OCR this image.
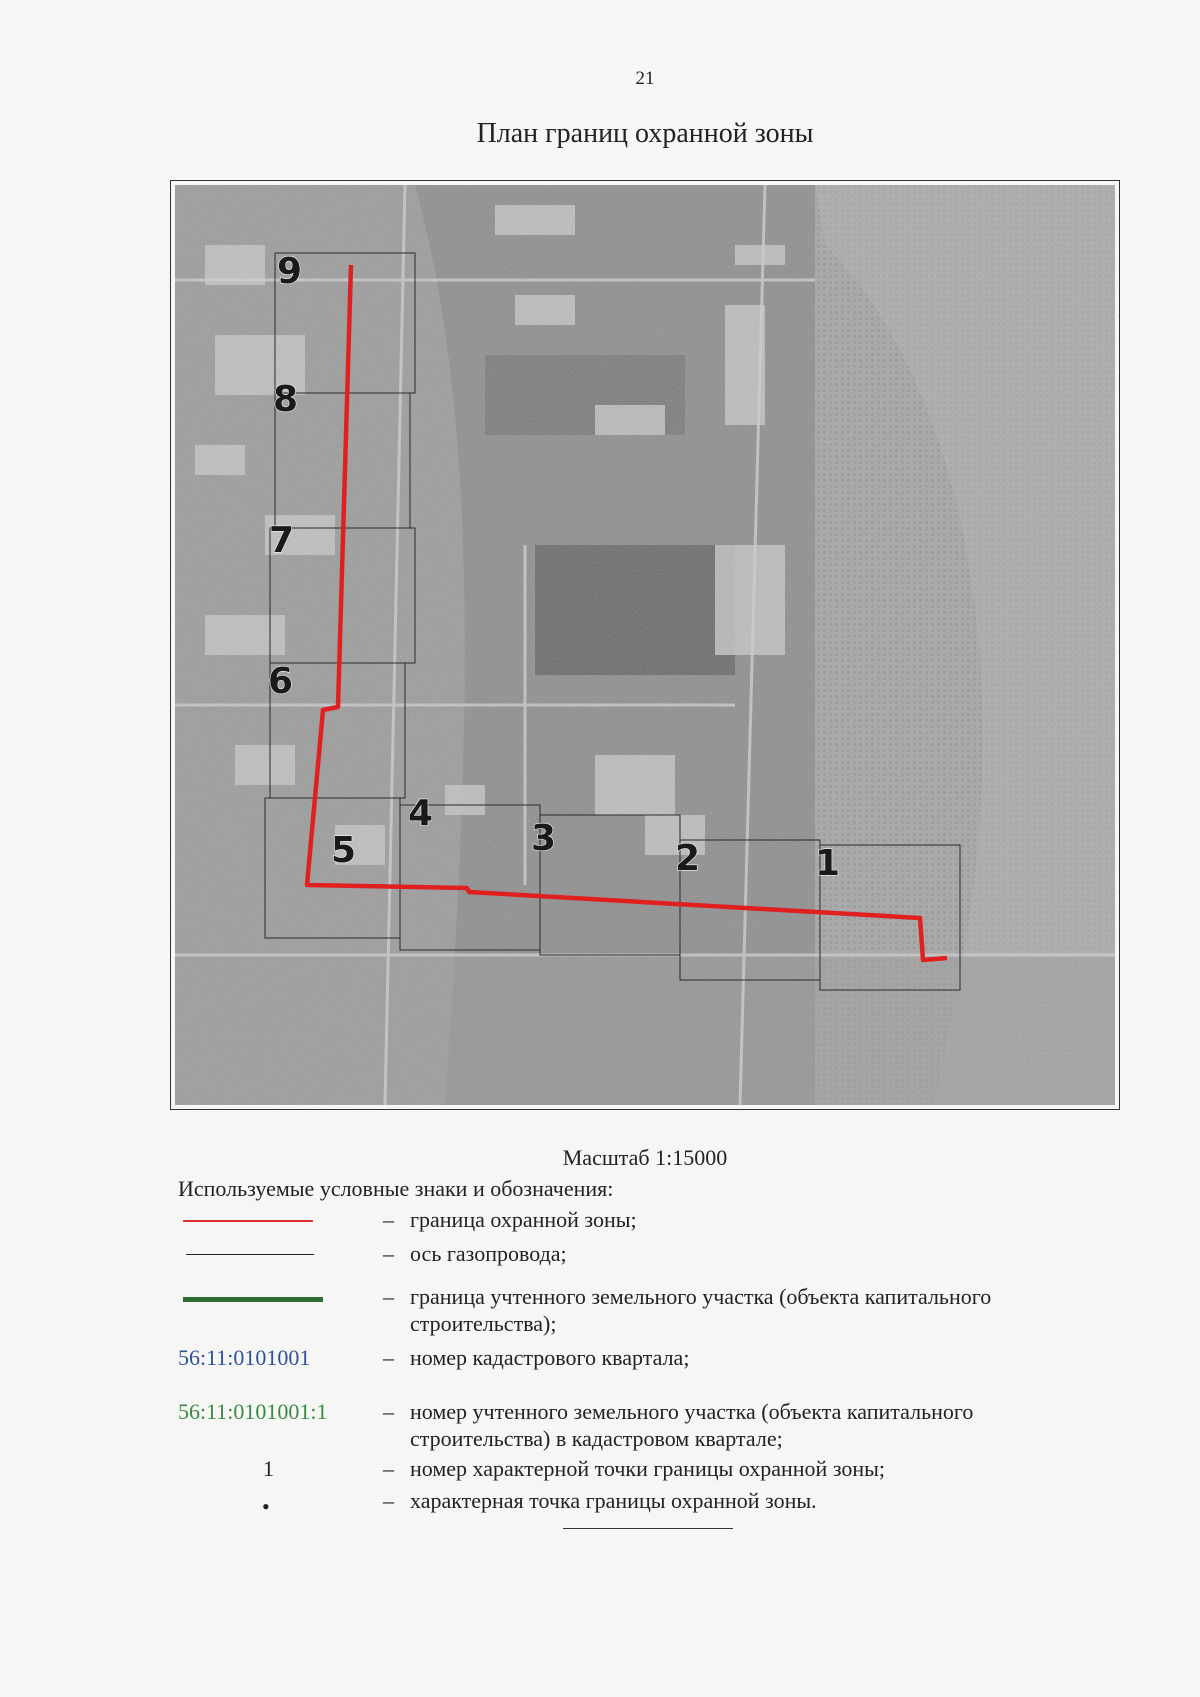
21
План границ охранной зоны
1
2
3
4
5
6
7
8
9
Масштаб 1:15000
Используемые условные знаки и обозначения:
– граница охранной зоны;
– ось газопровода;
– граница учтенного земельного участка (объекта капитального строительства);
56:11:0101001	– номер кадастрового квартала;
56:11:0101001:1	– номер учтенного земельного участка (объекта капитального строительства) в кадастровом квартале;
1	– номер характерной точки границы охранной зоны;
•	– характерная точка границы охранной зоны.
